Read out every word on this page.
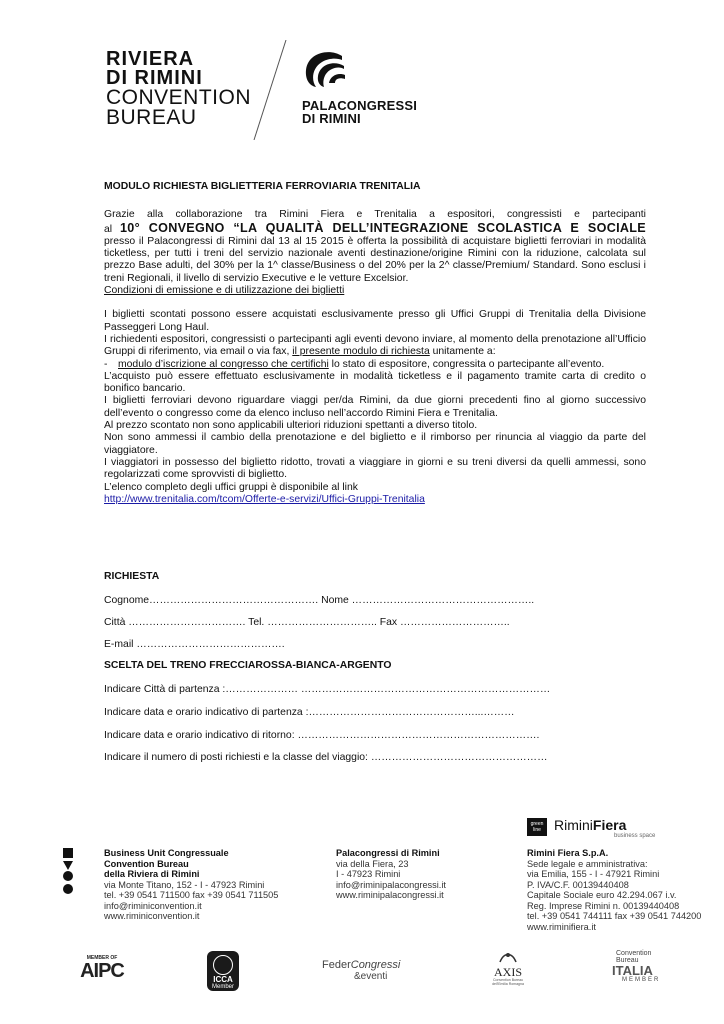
RIVIERA
DI RIMINI
CONVENTION
BUREAU
PALACONGRESSI
DI RIMINI

MODULO RICHIESTA BIGLIETTERIA FERROVIARIA TRENITALIA

Grazie alla collaborazione tra Rimini Fiera e Trenitalia a espositori, congressisti e partecipanti

al 10° CONVEGNO “LA QUALITÀ DELL’INTEGRAZIONE SCOLASTICA E SOCIALE

presso il Palacongressi di Rimini dal 13 al 15 2015 è offerta la possibilità di acquistare biglietti ferroviari in modalità ticketless, per tutti i treni del servizio nazionale aventi destinazione/origine Rimini con la riduzione, calcolata sul prezzo Base adulti, del 30% per la 1^ classe/Business o del 20% per la 2^ classe/Premium/ Standard. Sono esclusi i treni Regionali, il livello di servizio Executive e le vetture Excelsior.

Condizioni di emissione e di utilizzazione dei biglietti

I biglietti scontati possono essere acquistati esclusivamente presso gli Uffici Gruppi di Trenitalia della Divisione Passeggeri Long Haul.

I richiedenti espositori, congressisti o partecipanti agli eventi devono inviare, al momento della prenotazione all’Ufficio Gruppi di riferimento, via email o via fax, il presente modulo di richiesta unitamente a:

- modulo d’iscrizione al congresso che certifichi lo stato di espositore, congressita o partecipante all’evento.

L’acquisto può essere effettuato esclusivamente in modalità ticketless e il pagamento tramite carta di credito o bonifico bancario.

I biglietti ferroviari devono riguardare viaggi per/da Rimini, da due giorni precedenti fino al giorno successivo dell’evento o congresso come da elenco incluso nell’accordo Rimini Fiera e Trenitalia.

Al prezzo scontato non sono applicabili ulteriori riduzioni spettanti a diverso titolo.

Non sono ammessi il cambio della prenotazione e del biglietto e il rimborso per rinuncia al viaggio da parte del viaggiatore.

I viaggiatori in possesso del biglietto ridotto, trovati a viaggiare in giorni e su treni diversi da quelli ammessi, sono regolarizzati come sprovvisti di biglietto.

L’elenco completo degli uffici gruppi è disponibile al link

http://www.trenitalia.com/tcom/Offerte-e-servizi/Uffici-Gruppi-Trenitalia

RICHIESTA
Cognome…………………………………………. Nome ……………………………………………..
Città ……………………………. Tel. ………………………….. Fax …………………………..
E-mail …………………………………….
SCELTA DEL TRENO FRECCIAROSSA-BIANCA-ARGENTO
Indicare Città di partenza :………………… ………………………………………………………………
Indicare data e orario indicativo di partenza :…………………………………………...………
Indicare data e orario indicativo di ritorno: …………………………………………………………….
Indicare il numero di posti richiesti e la classe del viaggio: ……………………………………………
Business Unit Congressuale
Convention Bureau
della Riviera di Rimini
via Monte Titano, 152 - I - 47923 Rimini
tel. +39 0541 711500 fax +39 0541 711505
info@riminiconvention.it
www.riminiconvention.it
Palacongressi di Rimini
via della Fiera, 23
I - 47923 Rimini
info@riminipalacongressi.it
www.riminipalacongressi.it
green
line RiminiFiera
business space
Rimini Fiera S.p.A.
Sede legale e amministrativa:
via Emilia, 155 - I - 47921 Rimini
P. IVA/C.F. 00139440408
Capitale Sociale euro 42.294.067 i.v.
Reg. Imprese Rimini n. 00139440408
tel. +39 0541 744111 fax +39 0541 744200
www.riminifiera.it
MEMBER OF
AIPC	ICCA
Member
FederCongressi
&eventi	AXIS
Convention Bureau dell'Emilia Romagna
Convention
Bureau
ITALIA
MEMBER
